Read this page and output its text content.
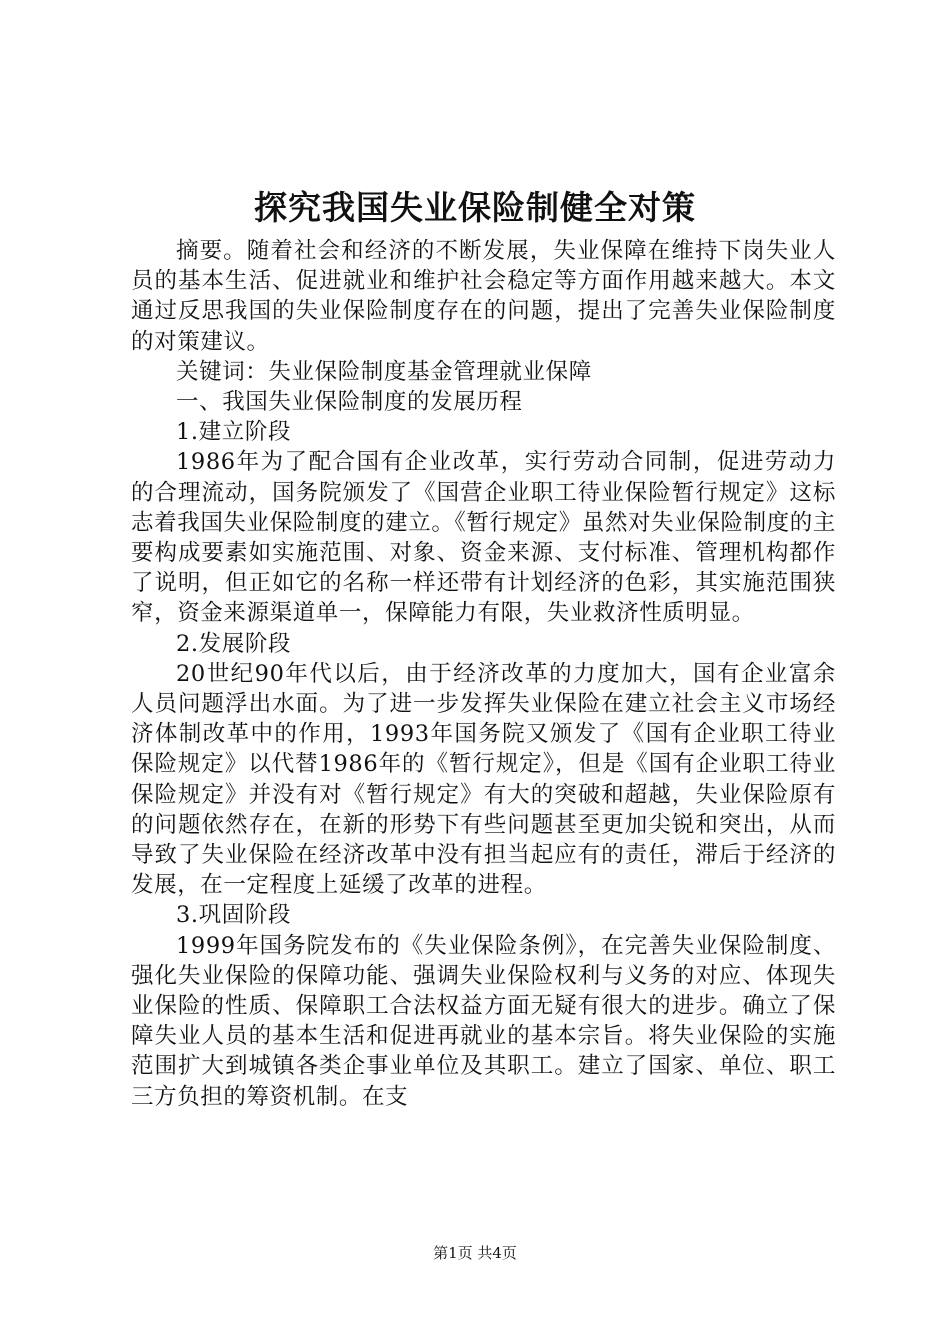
探究我国失业保险制健全对策

摘要。随着社会和经济的不断发展，失业保障在维持下岗失业人员的基本生活、促进就业和维护社会稳定等方面作用越来越大。本文通过反思我国的失业保险制度存在的问题，提出了完善失业保险制度的对策建议。

关键词：失业保险制度基金管理就业保障

一、我国失业保险制度的发展历程

1.建立阶段

1986年为了配合国有企业改革，实行劳动合同制，促进劳动力的合理流动，国务院颁发了《国营企业职工待业保险暂行规定》这标志着我国失业保险制度的建立。《暂行规定》虽然对失业保险制度的主要构成要素如实施范围、对象、资金来源、支付标准、管理机构都作了说明，但正如它的名称一样还带有计划经济的色彩，其实施范围狭窄，资金来源渠道单一，保障能力有限，失业救济性质明显。

2.发展阶段

20世纪90年代以后，由于经济改革的力度加大，国有企业富余人员问题浮出水面。为了进一步发挥失业保险在建立社会主义市场经济体制改革中的作用，1993年国务院又颁发了《国有企业职工待业保险规定》以代替1986年的《暂行规定》，但是《国有企业职工待业保险规定》并没有对《暂行规定》有大的突破和超越，失业保险原有的问题依然存在，在新的形势下有些问题甚至更加尖锐和突出，从而导致了失业保险在经济改革中没有担当起应有的责任，滞后于经济的发展，在一定程度上延缓了改革的进程。

3.巩固阶段

1999年国务院发布的《失业保险条例》，在完善失业保险制度、强化失业保险的保障功能、强调失业保险权利与义务的对应、体现失业保险的性质、保障职工合法权益方面无疑有很大的进步。确立了保障失业人员的基本生活和促进再就业的基本宗旨。将失业保险的实施范围扩大到城镇各类企事业单位及其职工。建立了国家、单位、职工三方负担的筹资机制。在支

第1页 共4页
